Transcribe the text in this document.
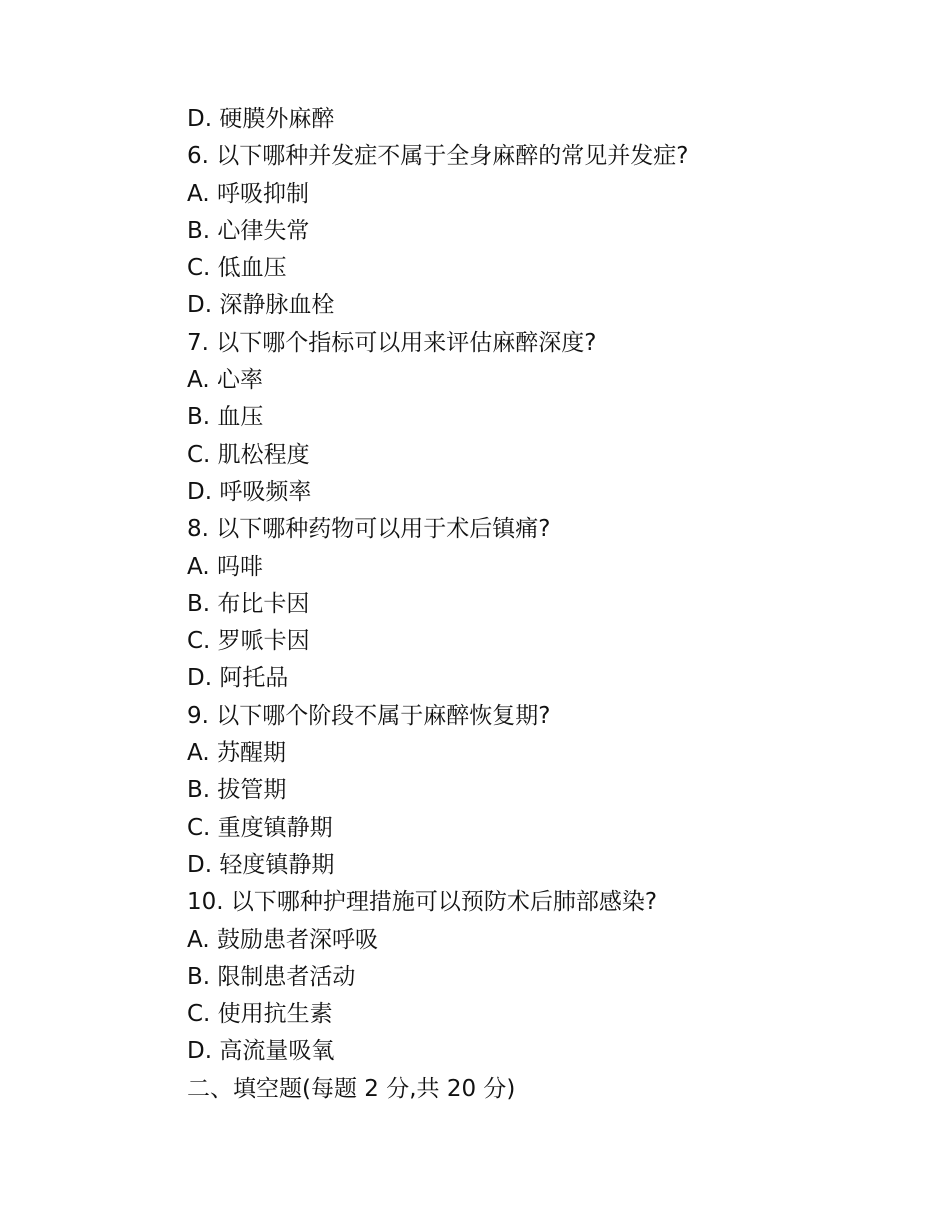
D. 硬膜外麻醉
6. 以下哪种并发症不属于全身麻醉的常见并发症?
A. 呼吸抑制
B. 心律失常
C. 低血压
D. 深静脉血栓
7. 以下哪个指标可以用来评估麻醉深度?
A. 心率
B. 血压
C. 肌松程度
D. 呼吸频率
8. 以下哪种药物可以用于术后镇痛?
A. 吗啡
B. 布比卡因
C. 罗哌卡因
D. 阿托品
9. 以下哪个阶段不属于麻醉恢复期?
A. 苏醒期
B. 拔管期
C. 重度镇静期
D. 轻度镇静期
10. 以下哪种护理措施可以预防术后肺部感染?
A. 鼓励患者深呼吸
B. 限制患者活动
C. 使用抗生素
D. 高流量吸氧
二、填空题(每题 2 分,共 20 分)
